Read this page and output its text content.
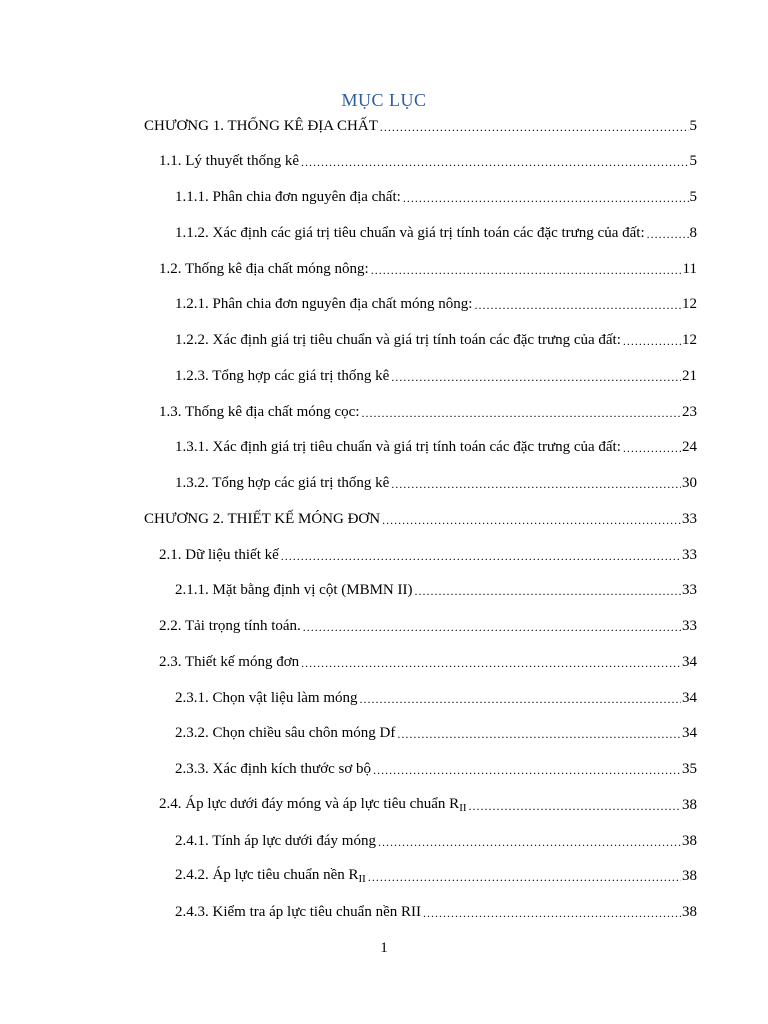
MỤC LỤC
CHƯƠNG 1. THỐNG KÊ ĐỊA CHẤT .....	5
1.1. Lý thuyết thống kê .....	5
1.1.1. Phân chia đơn nguyên địa chất: .....	5
1.1.2. Xác định các giá trị tiêu chuẩn và giá trị tính toán các đặc trưng của đất: .....	8
1.2. Thống kê địa chất móng nông: .....	11
1.2.1. Phân chia đơn nguyên địa chất móng nông: .....	12
1.2.2. Xác định giá trị tiêu chuẩn và giá trị tính toán các đặc trưng của đất: .....	12
1.2.3. Tổng hợp các giá trị thống kê .....	21
1.3. Thống kê địa chất móng cọc: .....	23
1.3.1. Xác định giá trị tiêu chuẩn và giá trị tính toán các đặc trưng của đất: .....	24
1.3.2. Tổng hợp các giá trị thống kê .....	30
CHƯƠNG 2. THIẾT KẾ MÓNG ĐƠN .....	33
2.1. Dữ liệu thiết kế .....	33
2.1.1. Mặt bằng định vị cột (MBMN II) .....	33
2.2. Tải trọng tính toán. .....	33
2.3. Thiết kế móng đơn .....	34
2.3.1. Chọn vật liệu làm móng .....	34
2.3.2. Chọn chiều sâu chôn móng Df .....	34
2.3.3. Xác định kích thước sơ bộ .....	35
2.4. Áp lực dưới đáy móng và áp lực tiêu chuẩn $R_{II}$ .....	38
2.4.1. Tính áp lực dưới đáy móng .....	38
2.4.2. Áp lực tiêu chuẩn nền $R_{II}$ .....	38
2.4.3. Kiểm tra áp lực tiêu chuẩn nền RII .....	38
1
